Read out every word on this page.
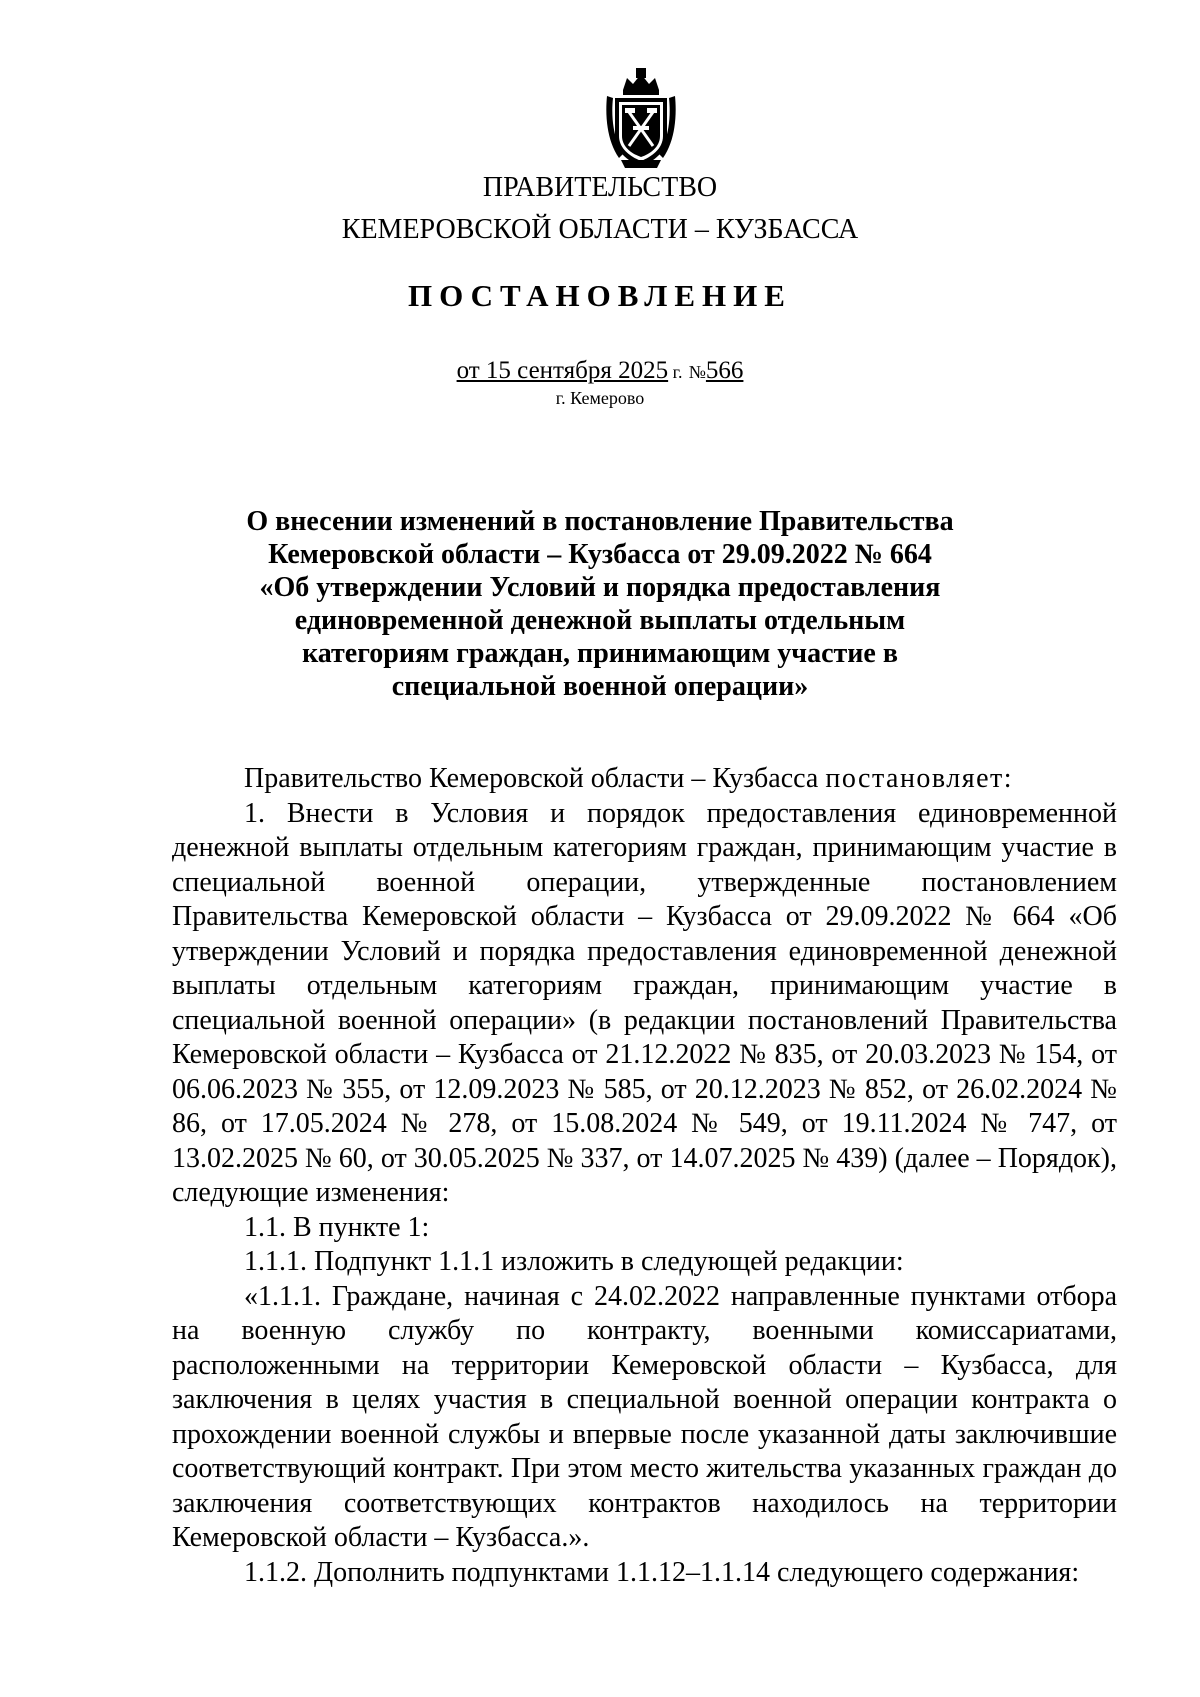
ПРАВИТЕЛЬСТВО
КЕМЕРОВСКОЙ ОБЛАСТИ – КУЗБАССА
ПОСТАНОВЛЕНИЕ
от 15 сентября 2025 г. №566
г. Кемерово
О внесении изменений в постановление Правительства
Кемеровской области – Кузбасса от 29.09.2022 № 664
«Об утверждении Условий и порядка предоставления
единовременной денежной выплаты отдельным
категориям граждан, принимающим участие в
специальной военной операции»

Правительство Кемеровской области – Кузбасса постановляет:

1. Внести в Условия и порядок предоставления единовременной денежной выплаты отдельным категориям граждан, принимающим участие в специальной военной операции, утвержденные постановлением Правительства Кемеровской области – Кузбасса от 29.09.2022 № 664 «Об утверждении Условий и порядка предоставления единовременной денежной выплаты отдельным категориям граждан, принимающим участие в специальной военной операции» (в редакции постановлений Правительства Кемеровской области – Кузбасса от 21.12.2022 № 835, от 20.03.2023 № 154, от 06.06.2023 № 355, от 12.09.2023 № 585, от 20.12.2023 № 852, от 26.02.2024 № 86, от 17.05.2024 № 278, от 15.08.2024 № 549, от 19.11.2024 № 747, от 13.02.2025 № 60, от 30.05.2025 № 337, от 14.07.2025 № 439) (далее – Порядок), следующие изменения:

1.1. В пункте 1:

1.1.1. Подпункт 1.1.1 изложить в следующей редакции:

«1.1.1. Граждане, начиная с 24.02.2022 направленные пунктами отбора на военную службу по контракту, военными комиссариатами, расположенными на территории Кемеровской области – Кузбасса, для заключения в целях участия в специальной военной операции контракта о прохождении военной службы и впервые после указанной даты заключившие соответствующий контракт. При этом место жительства указанных граждан до заключения соответствующих контрактов находилось на территории Кемеровской области – Кузбасса.».

1.1.2. Дополнить подпунктами 1.1.12–1.1.14 следующего содержания:
